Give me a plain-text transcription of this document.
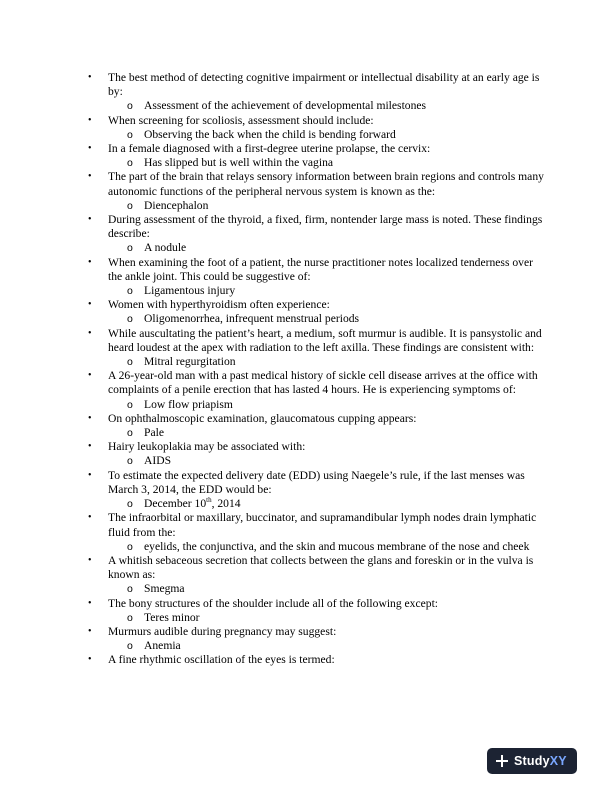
• The best method of detecting cognitive impairment or intellectual disability at an early age is by:
o Assessment of the achievement of developmental milestones
• When screening for scoliosis, assessment should include:
o Observing the back when the child is bending forward
• In a female diagnosed with a first-degree uterine prolapse, the cervix:
o Has slipped but is well within the vagina
• The part of the brain that relays sensory information between brain regions and controls many autonomic functions of the peripheral nervous system is known as the:
o Diencephalon
• During assessment of the thyroid, a fixed, firm, nontender large mass is noted. These findings describe:
o A nodule
• When examining the foot of a patient, the nurse practitioner notes localized tenderness over the ankle joint. This could be suggestive of:
o Ligamentous injury
• Women with hyperthyroidism often experience:
o Oligomenorrhea, infrequent menstrual periods
• While auscultating the patient’s heart, a medium, soft murmur is audible. It is pansystolic and heard loudest at the apex with radiation to the left axilla. These findings are consistent with:
o Mitral regurgitation
• A 26-year-old man with a past medical history of sickle cell disease arrives at the office with complaints of a penile erection that has lasted 4 hours. He is experiencing symptoms of:
o Low flow priapism
• On ophthalmoscopic examination, glaucomatous cupping appears:
o Pale
• Hairy leukoplakia may be associated with:
o AIDS
• To estimate the expected delivery date (EDD) using Naegele’s rule, if the last menses was March 3, 2014, the EDD would be:
o December 10th, 2014
• The infraorbital or maxillary, buccinator, and supramandibular lymph nodes drain lymphatic fluid from the:
o eyelids, the conjunctiva, and the skin and mucous membrane of the nose and cheek
• A whitish sebaceous secretion that collects between the glans and foreskin or in the vulva is known as:
o Smegma
• The bony structures of the shoulder include all of the following except:
o Teres minor
• Murmurs audible during pregnancy may suggest:
o Anemia
• A fine rhythmic oscillation of the eyes is termed:
StudyXY
